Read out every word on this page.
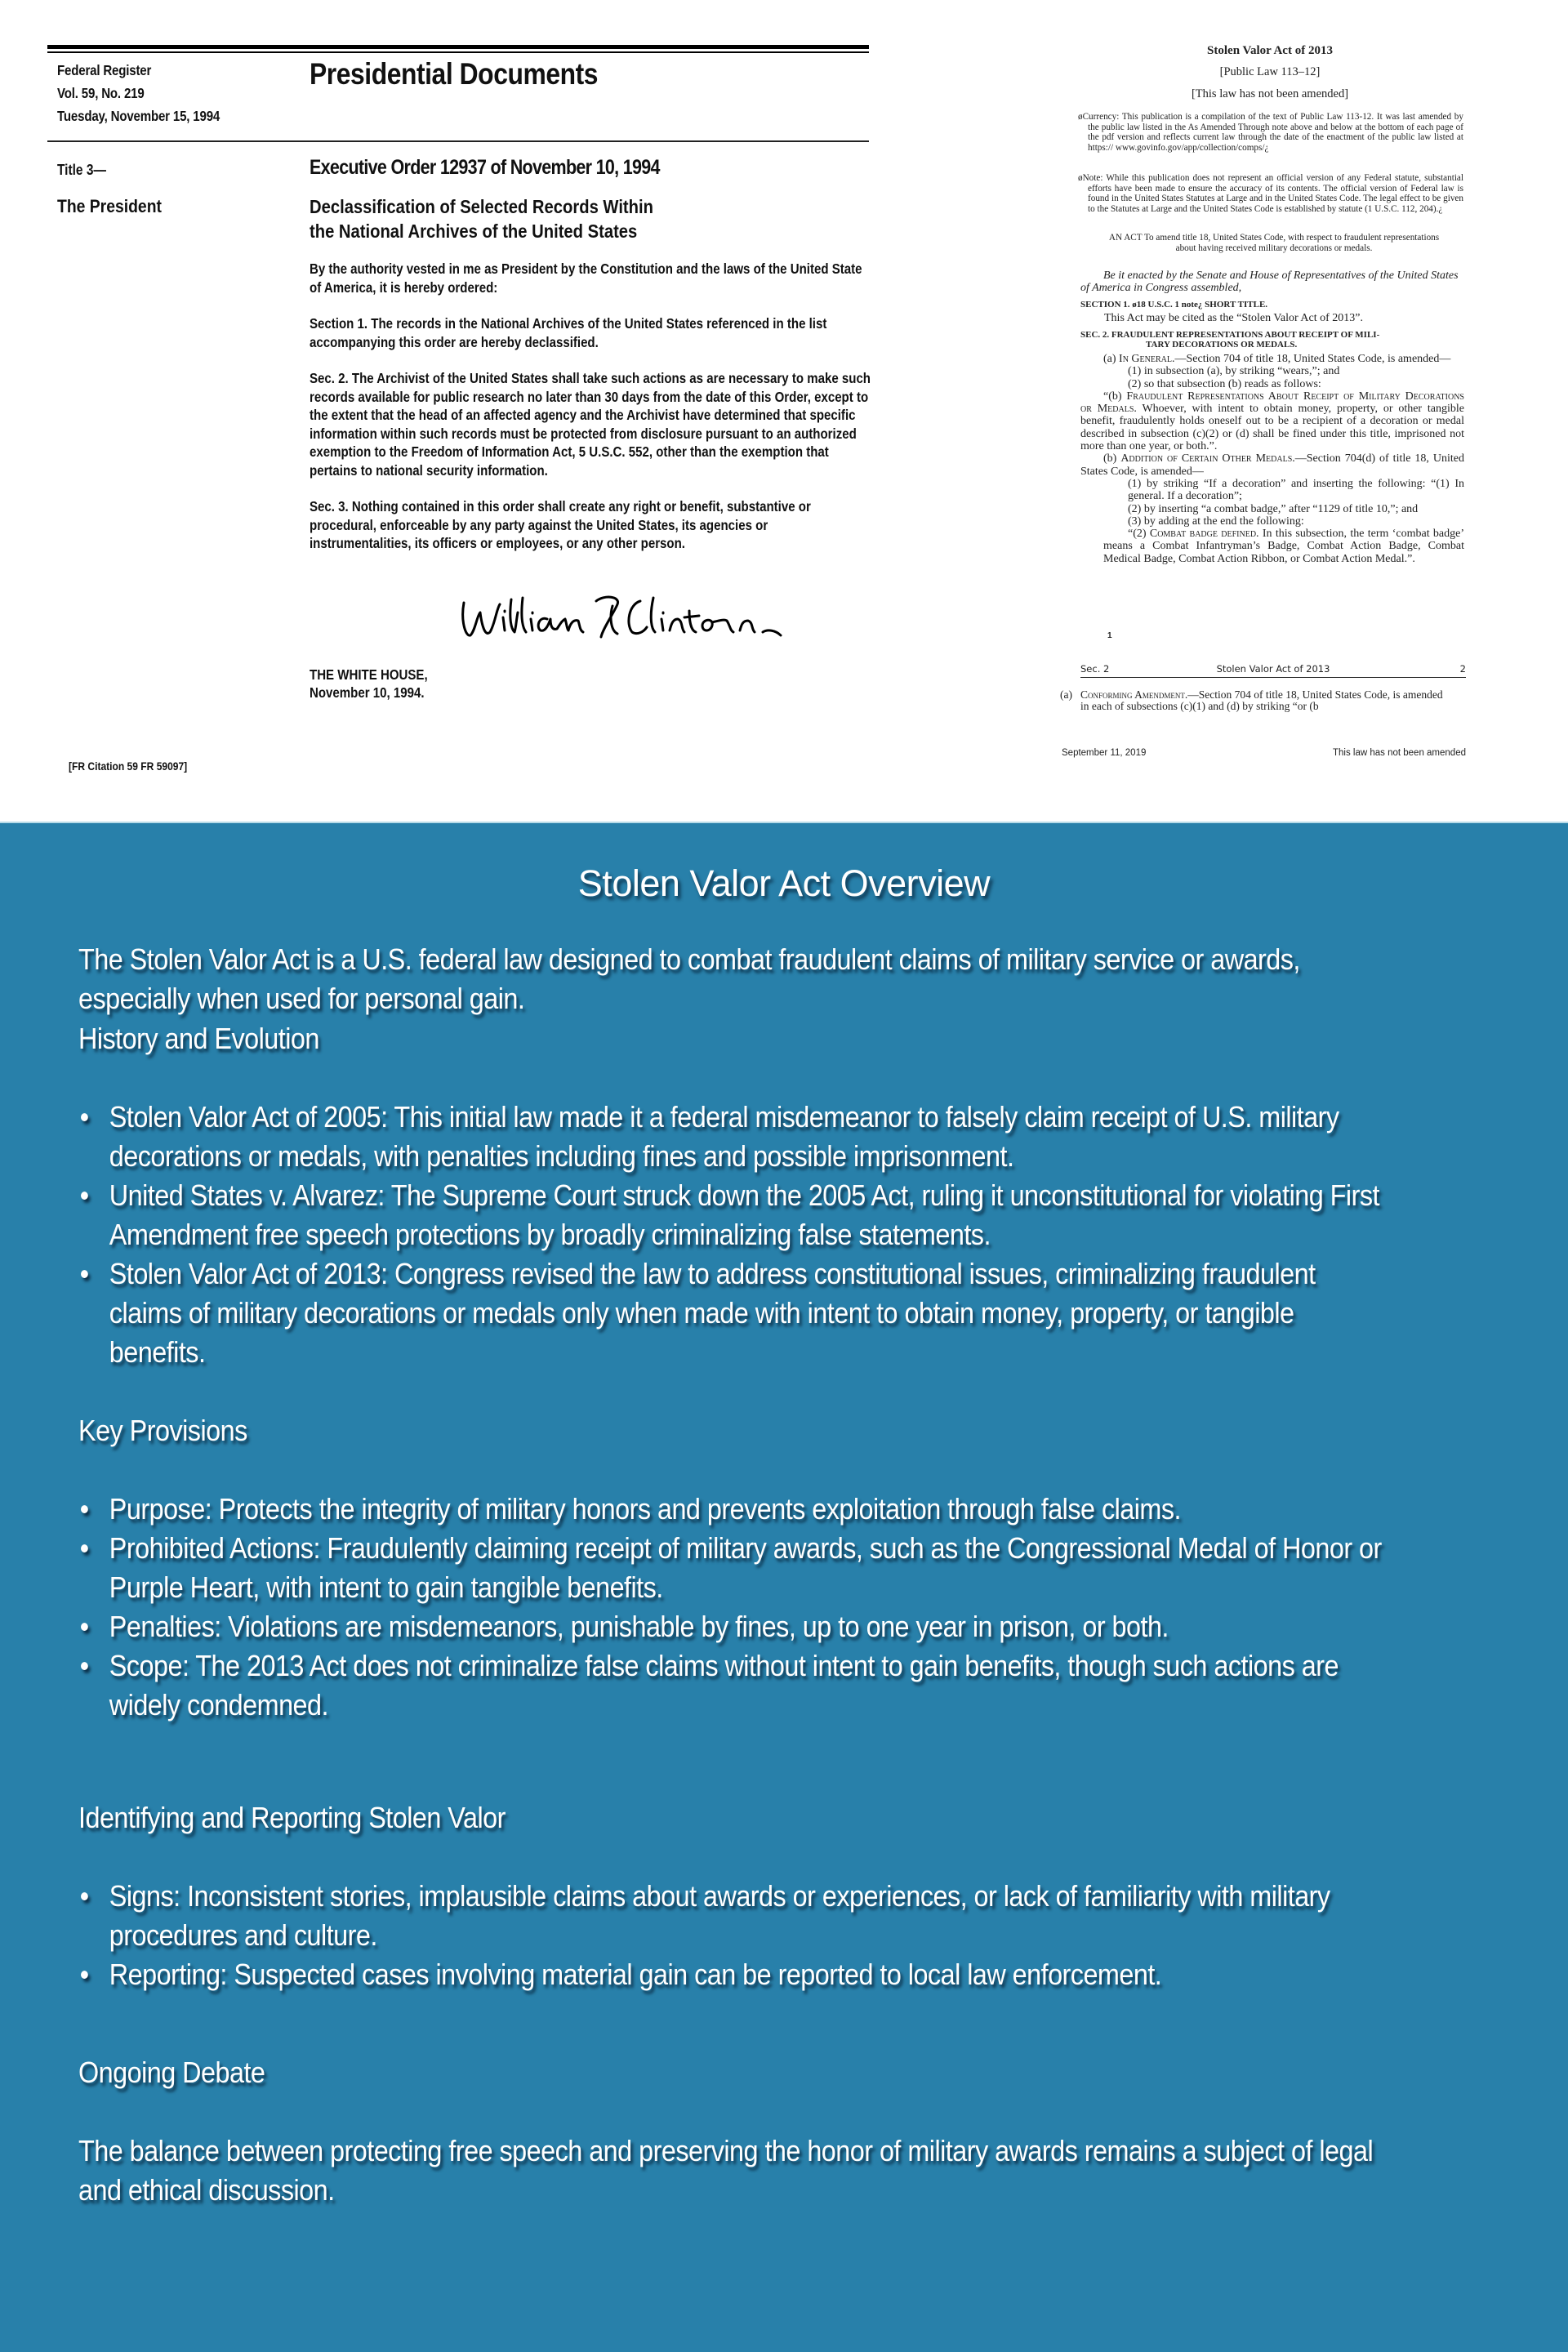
Federal Register
Vol. 59, No. 219
Tuesday, November 15, 1994
Presidential Documents
Title 3—
The President
Executive Order 12937 of November 10, 1994
Declassification of Selected Records Within the National Archives of the United States

By the authority vested in me as President by the Constitution and the laws of the United State of America, it is hereby ordered:

Section 1. The records in the National Archives of the United States referenced in the list accompanying this order are hereby declassified.

Sec. 2. The Archivist of the United States shall take such actions as are necessary to make such records available for public research no later than 30 days from the date of this Order, except to the extent that the head of an affected agency and the Archivist have determined that specific information within such records must be protected from disclosure pursuant to an authorized exemption to the Freedom of Information Act, 5 U.S.C. 552, other than the exemption that pertains to national security information.

Sec. 3. Nothing contained in this order shall create any right or benefit, substantive or procedural, enforceable by any party against the United States, its agencies or instrumentalities, its officers or employees, or any other person.

THE WHITE HOUSE,
November 10, 1994.
[FR Citation 59 FR 59097]
Stolen Valor Act of 2013
[Public Law 113–12]
[This law has not been amended]
øCurrency: This publication is a compilation of the text of Public Law 113-12. It was last amended by the public law listed in the As Amended Through note above and below at the bottom of each page of the pdf version and reflects current law through the date of the enactment of the public law listed at https:// www.govinfo.gov/app/collection/comps/¿
øNote: While this publication does not represent an official version of any Federal statute, substantial efforts have been made to ensure the accuracy of its contents. The official version of Federal law is found in the United States Statutes at Large and in the United States Code. The legal effect to be given to the Statutes at Large and the United States Code is established by statute (1 U.S.C. 112, 204).¿
AN ACT To amend title 18, United States Code, with respect to fraudulent representations about having received military decorations or medals.
Be it enacted by the Senate and House of Representatives of the United States of America in Congress assembled,
SECTION 1. ø18 U.S.C. 1 note¿ SHORT TITLE.
This Act may be cited as the “Stolen Valor Act of 2013”.
SEC. 2. FRAUDULENT REPRESENTATIONS ABOUT RECEIPT OF MILI-
TARY DECORATIONS OR MEDALS.
(a) In General.—Section 704 of title 18, United States Code, is amended—
(1) in subsection (a), by striking “wears,”; and
(2) so that subsection (b) reads as follows:
“(b) Fraudulent Representations About Receipt of Military Decorations or Medals. Whoever, with intent to obtain money, property, or other tangible benefit, fraudulently holds oneself out to be a recipient of a decoration or medal described in subsection (c)(2) or (d) shall be fined under this title, imprisoned not more than one year, or both.”.
(b) Addition of Certain Other Medals.—Section 704(d) of title 18, United States Code, is amended—
(1) by striking “If a decoration” and inserting the following: “(1) In general. If a decoration”;
(2) by inserting “a combat badge,” after “1129 of title 10,”; and
(3) by adding at the end the following:
“(2) Combat badge defined. In this subsection, the term ‘combat badge’ means a Combat Infantryman’s Badge, Combat Action Badge, Combat Medical Badge, Combat Action Ribbon, or Combat Action Medal.”.
1
Sec. 2	Stolen Valor Act of 2013	2
(a) Conforming Amendment.—Section 704 of title 18, United States Code, is amended in each of subsections (c)(1) and (d) by striking “or (b
September 11, 2019	This law has not been amended
Stolen Valor Act Overview
The Stolen Valor Act is a U.S. federal law designed to combat fraudulent claims of military service or awards, especially when used for personal gain.
History and Evolution
• Stolen Valor Act of 2005: This initial law made it a federal misdemeanor to falsely claim receipt of U.S. military decorations or medals, with penalties including fines and possible imprisonment.
• United States v. Alvarez: The Supreme Court struck down the 2005 Act, ruling it unconstitutional for violating First Amendment free speech protections by broadly criminalizing false statements.
• Stolen Valor Act of 2013: Congress revised the law to address constitutional issues, criminalizing fraudulent claims of military decorations or medals only when made with intent to obtain money, property, or tangible benefits.
Key Provisions
• Purpose: Protects the integrity of military honors and prevents exploitation through false claims.
• Prohibited Actions: Fraudulently claiming receipt of military awards, such as the Congressional Medal of Honor or Purple Heart, with intent to gain tangible benefits.
• Penalties: Violations are misdemeanors, punishable by fines, up to one year in prison, or both.
• Scope: The 2013 Act does not criminalize false claims without intent to gain benefits, though such actions are widely condemned.
Identifying and Reporting Stolen Valor
• Signs: Inconsistent stories, implausible claims about awards or experiences, or lack of familiarity with military procedures and culture.
• Reporting: Suspected cases involving material gain can be reported to local law enforcement.
Ongoing Debate
The balance between protecting free speech and preserving the honor of military awards remains a subject of legal and ethical discussion.
